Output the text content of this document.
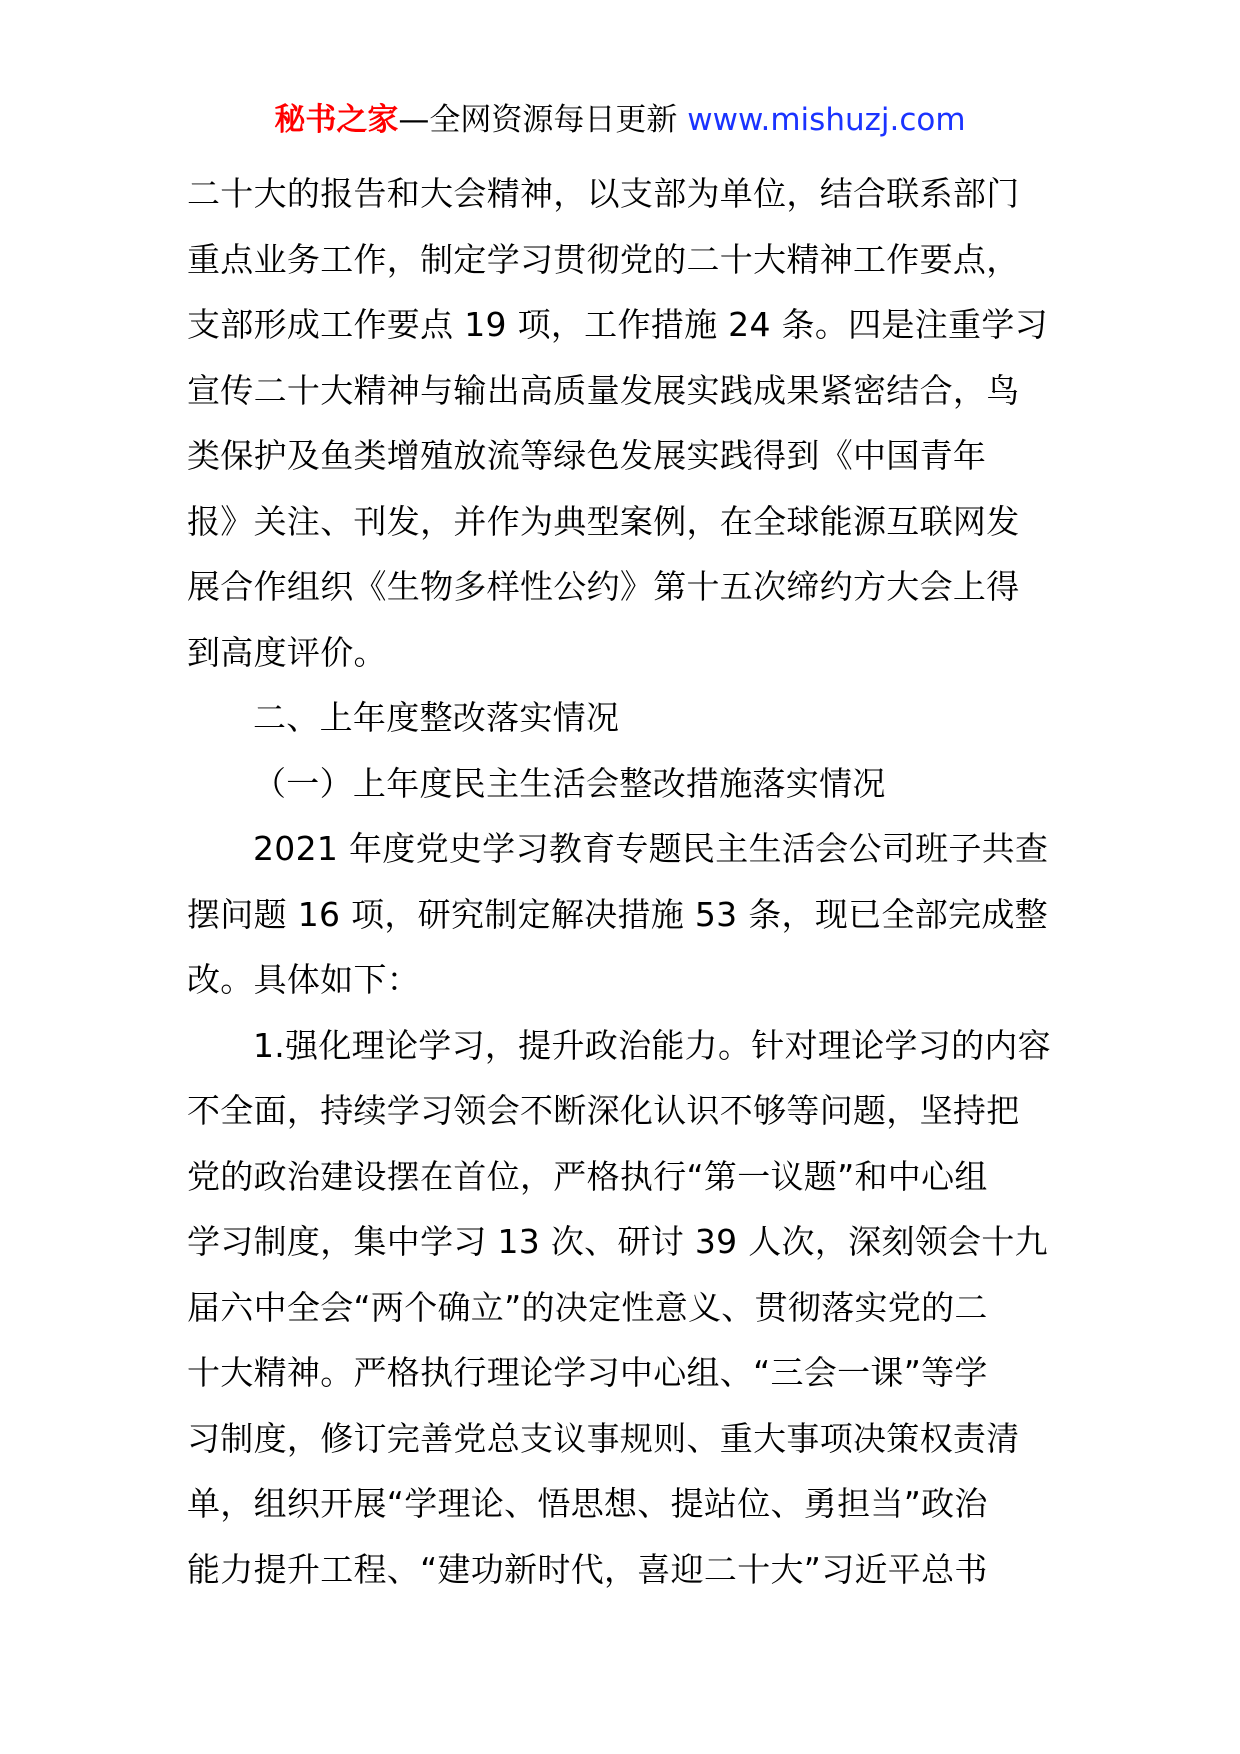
秘书之家—全网资源每日更新 www.mishuzj.com
二十大的报告和大会精神，以支部为单位，结合联系部门
重点业务工作，制定学习贯彻党的二十大精神工作要点，
支部形成工作要点 19 项，工作措施 24 条。四是注重学习
宣传二十大精神与输出高质量发展实践成果紧密结合，鸟
类保护及鱼类增殖放流等绿色发展实践得到《中国青年
报》关注、刊发，并作为典型案例，在全球能源互联网发
展合作组织《生物多样性公约》第十五次缔约方大会上得
到高度评价。
二、上年度整改落实情况
（一）上年度民主生活会整改措施落实情况
2021 年度党史学习教育专题民主生活会公司班子共查
摆问题 16 项，研究制定解决措施 53 条，现已全部完成整
改。具体如下：
1.强化理论学习，提升政治能力。针对理论学习的内容
不全面，持续学习领会不断深化认识不够等问题，坚持把
党的政治建设摆在首位，严格执行“第一议题”和中心组
学习制度，集中学习 13 次、研讨 39 人次，深刻领会十九
届六中全会“两个确立”的决定性意义、贯彻落实党的二
十大精神。严格执行理论学习中心组、“三会一课”等学
习制度，修订完善党总支议事规则、重大事项决策权责清
单，组织开展“学理论、悟思想、提站位、勇担当”政治
能力提升工程、“建功新时代，喜迎二十大”习近平总书
